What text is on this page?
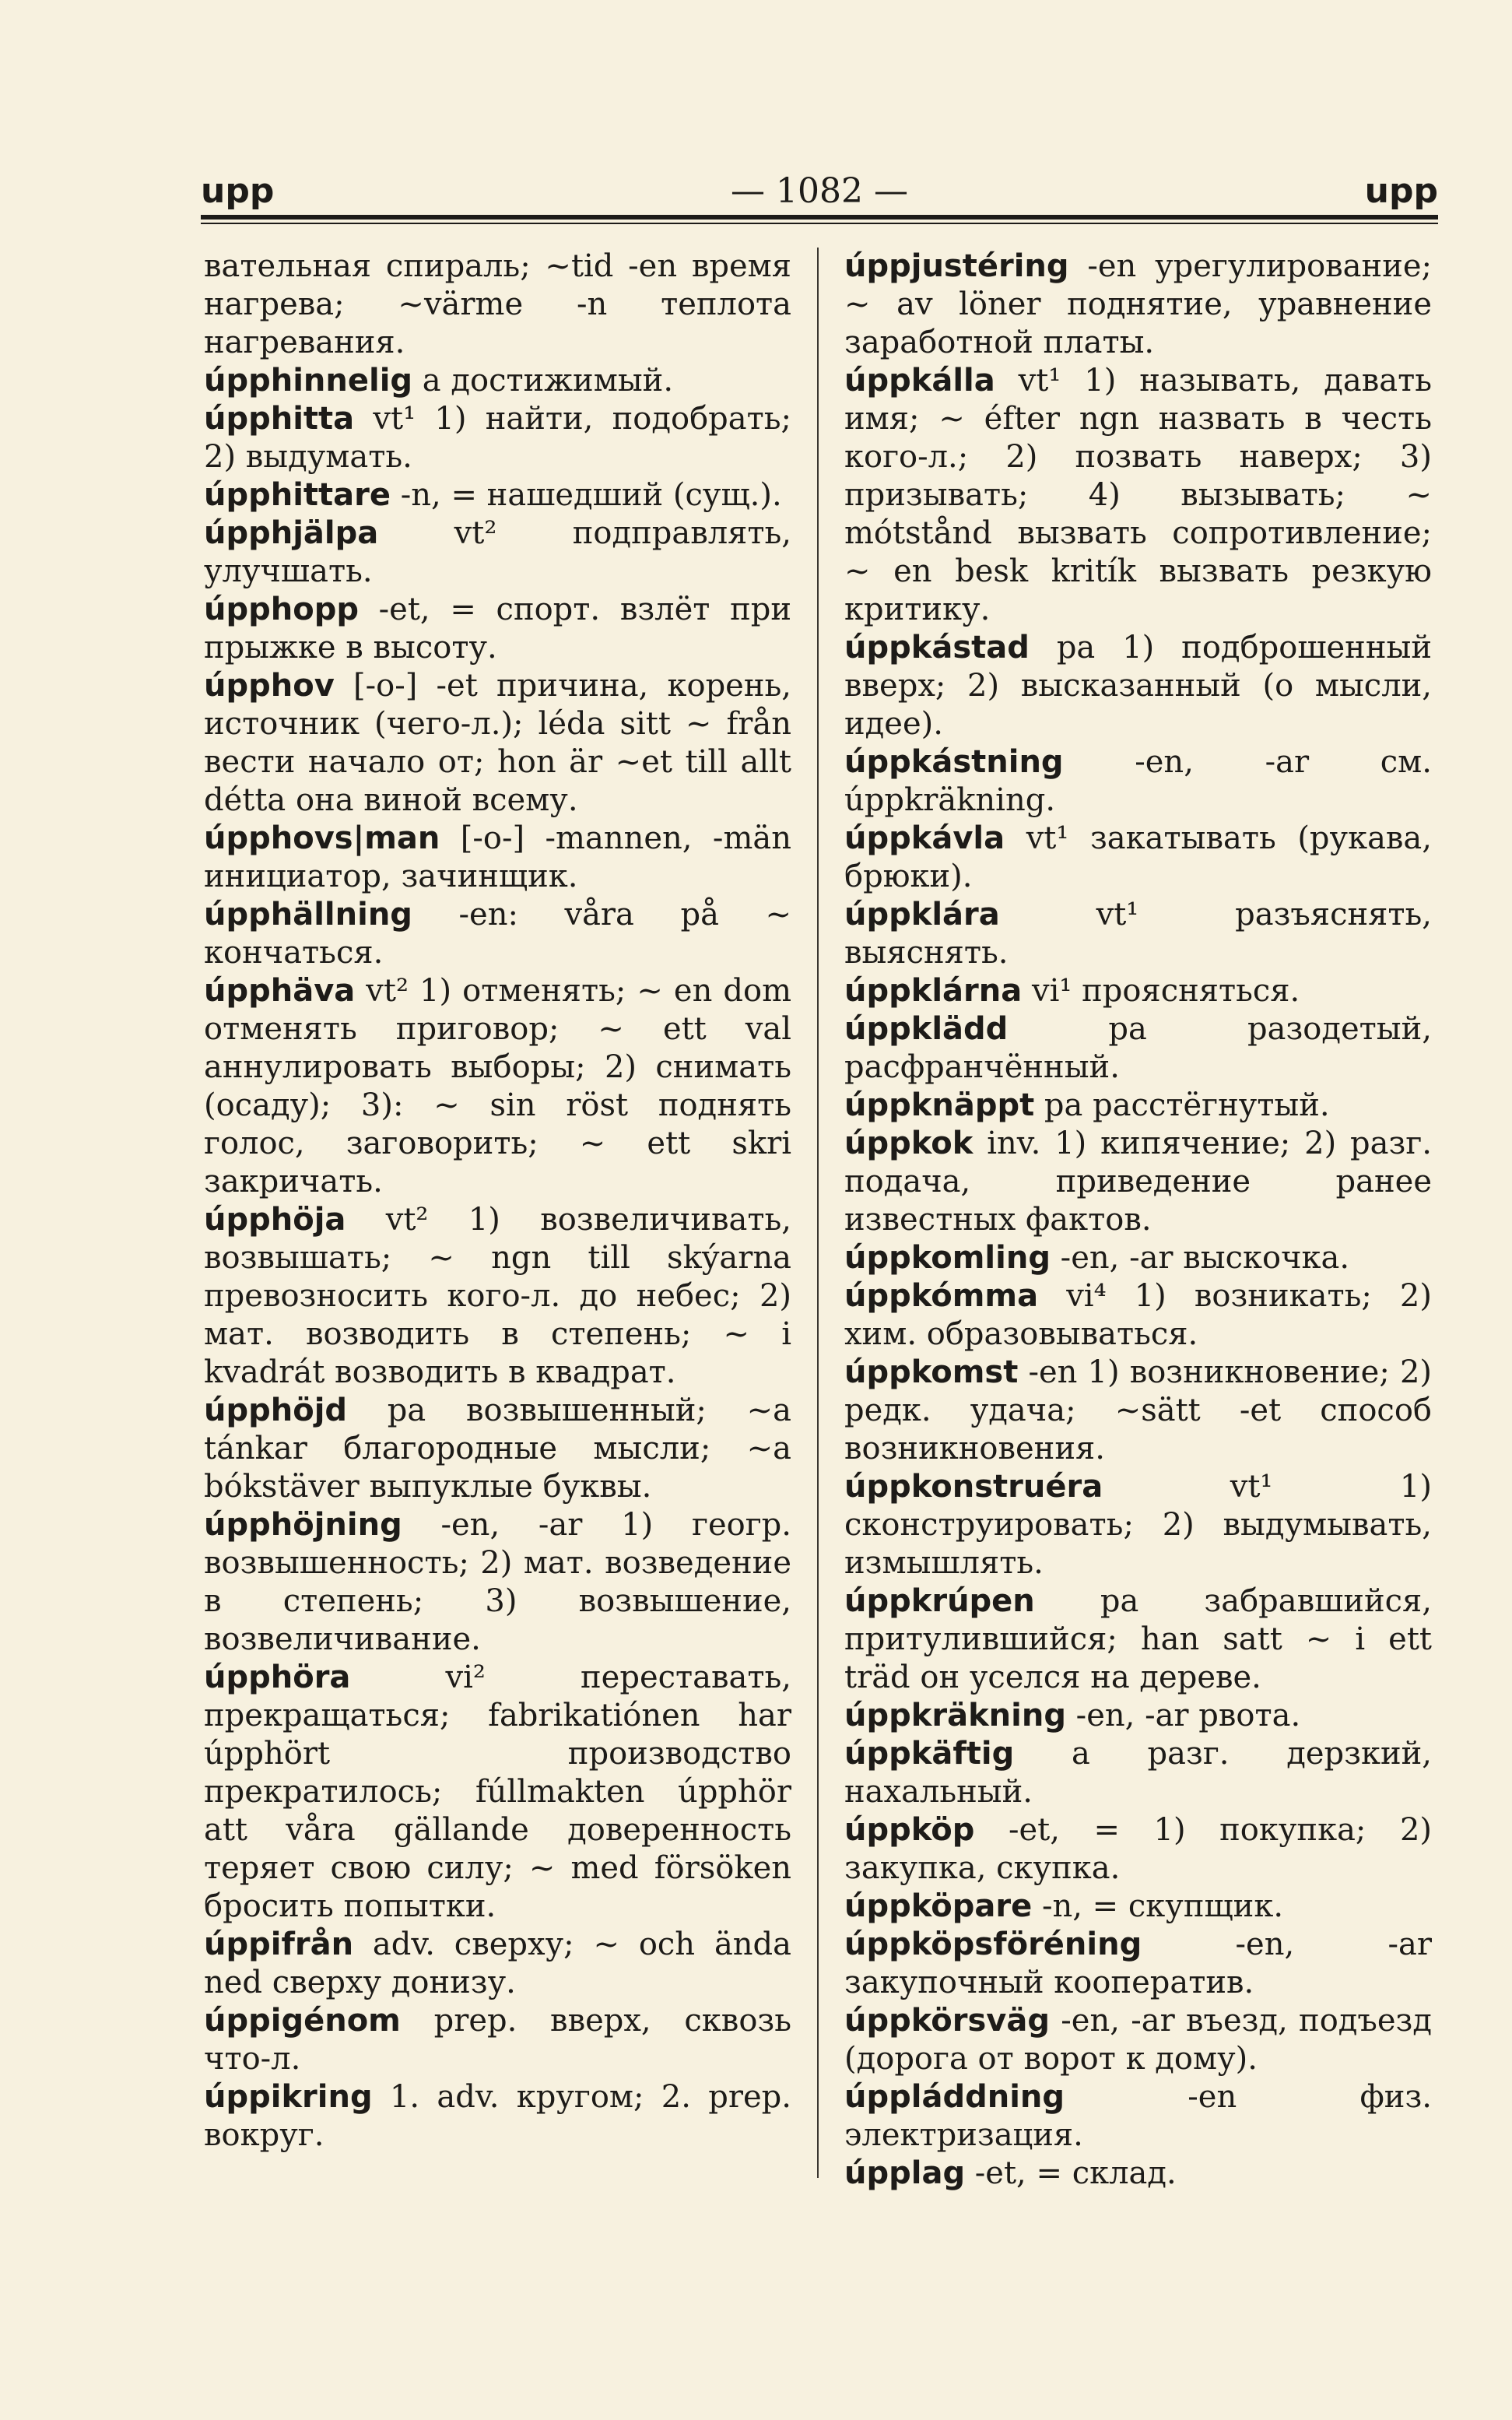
upp	— 1082 —	upp
вательная спираль; ~tid -en время нагрева; ~värme -n теплота нагревания.
úpphinnelig a достижимый.
úpphitta vt¹ 1) найти, подобрать; 2) выдумать.
úpphittare -n, = нашедший (сущ.).
úpphjälpa vt² подправлять, улучшать.
úpphopp -et, = спорт. взлёт при прыжке в высоту.
úpphov [-o-] -et причина, корень, источник (чего-л.); léda sitt ~ från вести начало от; hon är ~et till allt détta она виной всему.
úpphovs|man [-o-] -mannen, -män инициатор, зачинщик.
úpphällning -en: våra på ~ кончаться.
úpphäva vt² 1) отменять; ~ en dom отменять приговор; ~ ett val аннулировать выборы; 2) снимать (осаду); 3): ~ sin röst поднять голос, заговорить; ~ ett skri закричать.
úpphöja vt² 1) возвеличивать, возвышать; ~ ngn till skýarna превозносить кого-л. до небес; 2) мат. возводить в степень; ~ i kvadrát возводить в квадрат.
úpphöjd pa возвышенный; ~a tánkar благородные мысли; ~a bókstäver выпуклые буквы.
úpphöjning -en, -ar 1) геогр. возвышенность; 2) мат. возведение в степень; 3) возвышение, возвеличивание.
úpphöra vi² переставать, прекращаться; fabrikatiónen har úpphört производство прекратилось; fúllmakten úpphör att våra gällande доверенность теряет свою силу; ~ med försöken бросить попытки.
úppifrån adv. сверху; ~ och ända ned сверху донизу.
úppigénom prep. вверх, сквозь что-л.
úppikring 1. adv. кругом; 2. prep. вокруг.
úppjustéring -en урегулирование; ~ av löner поднятие, уравнение заработной платы.
úppkálla vt¹ 1) называть, давать имя; ~ éfter ngn назвать в честь кого-л.; 2) позвать наверх; 3) призывать; 4) вызывать; ~ mótstånd вызвать сопротивление; ~ en besk kritík вызвать резкую критику.
úppkástad pa 1) подброшенный вверх; 2) высказанный (о мысли, идее).
úppkástning -en, -ar см. úppkräkning.
úppkávla vt¹ закатывать (рукава, брюки).
úppklára vt¹ разъяснять, выяснять.
úppklárna vi¹ проясняться.
úppklädd pa разодетый, расфранчённый.
úppknäppt pa расстёгнутый.
úppkok inv. 1) кипячение; 2) разг. подача, приведение ранее известных фактов.
úppkomling -en, -ar выскочка.
úppkómma vi⁴ 1) возникать; 2) хим. образовываться.
úppkomst -en 1) возникновение; 2) редк. удача; ~sätt -et способ возникновения.
úppkonstruéra vt¹ 1) сконструировать; 2) выдумывать, измышлять.
úppkrúpen pa забравшийся, притулившийся; han satt ~ i ett träd он уселся на дереве.
úppkräkning -en, -ar рвота.
úppkäftig a разг. дерзкий, нахальный.
úppköp -et, = 1) покупка; 2) закупка, скупка.
úppköpare -n, = скупщик.
úppköpsföréning -en, -ar закупочный кооператив.
úppkörsväg -en, -ar въезд, подъезд (дорога от ворот к дому).
úppláddning -en физ. электризация.
úpplag -et, = склад.
